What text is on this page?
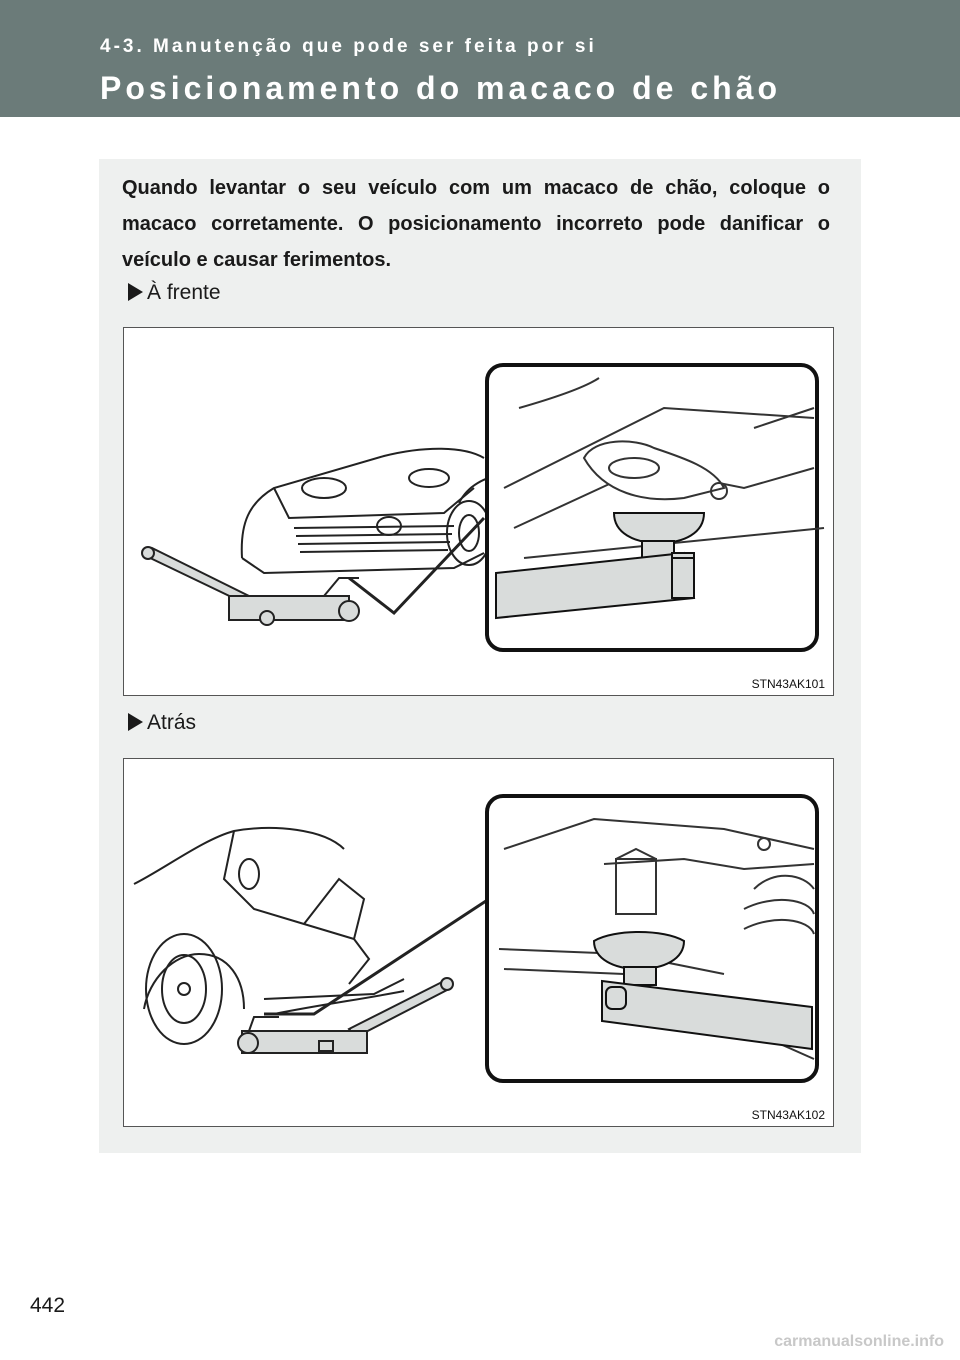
4-3. Manutenção que pode ser feita por si
Posicionamento do macaco de chão
Quando levantar o seu veículo com um macaco de chão, coloque o macaco corretamente. O posicionamento incorreto pode danificar o veículo e causar ferimentos.
À frente
STN43AK101
Atrás
STN43AK102
442
carmanualsonline.info
